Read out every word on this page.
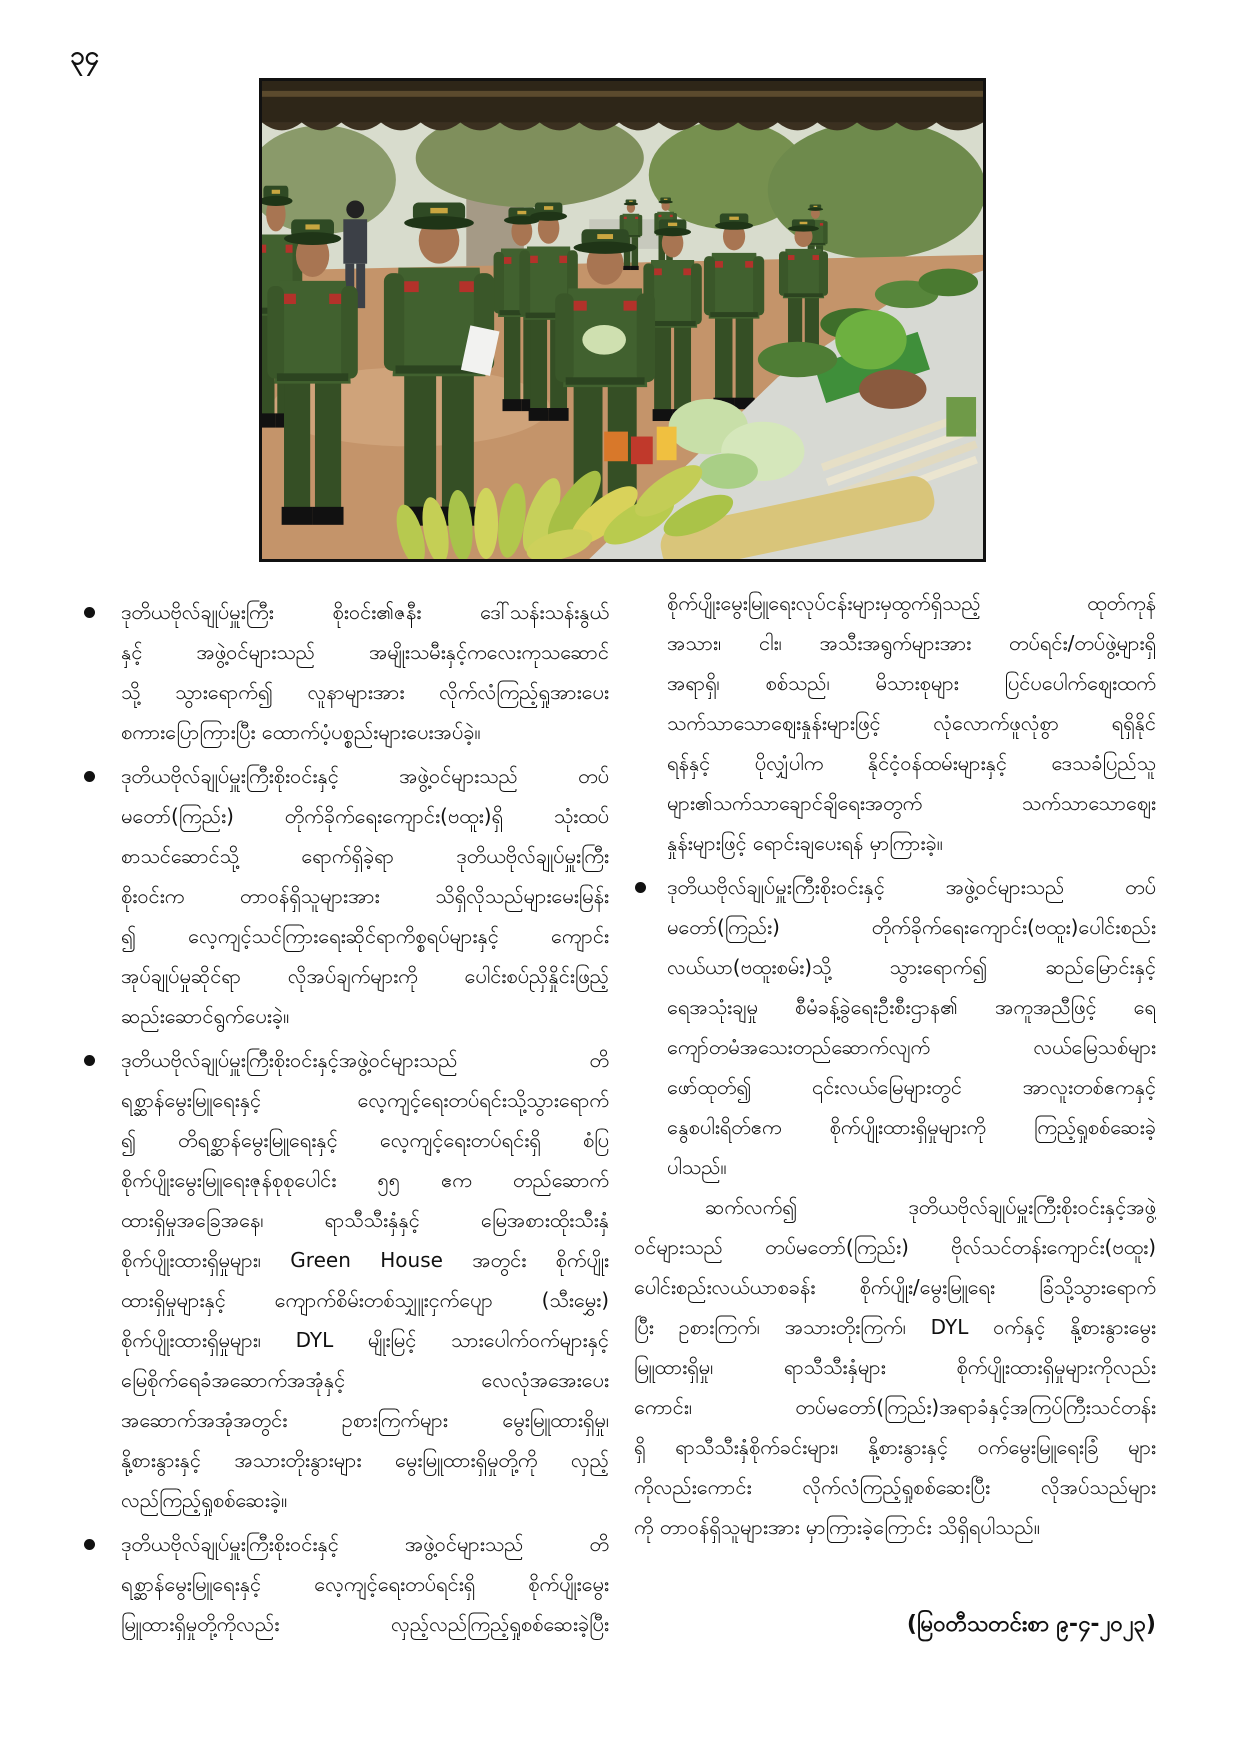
၃၄
ဒုတိယဗိုလ်ချုပ်မှူးကြီး စိုးဝင်း၏ဇနီး ဒေါ်သန်းသန်းနွယ်
နှင့် အဖွဲ့ဝင်များသည် အမျိုးသမီးနှင့်ကလေးကုသဆောင်
သို့ သွားရောက်၍ လူနာများအား လိုက်လံကြည့်ရှုအားပေး
စကားပြောကြားပြီး ထောက်ပံ့ပစ္စည်းများပေးအပ်ခဲ့။
ဒုတိယဗိုလ်ချုပ်မှူးကြီးစိုးဝင်းနှင့် အဖွဲ့ဝင်များသည် တပ်
မတော်(ကြည်း) တိုက်ခိုက်ရေးကျောင်း(ဗထူး)ရှိ သုံးထပ်
စာသင်ဆောင်သို့ ရောက်ရှိခဲ့ရာ ဒုတိယဗိုလ်ချုပ်မှူးကြီး
စိုးဝင်းက တာဝန်ရှိသူများအား သိရှိလိုသည်များမေးမြန်း
၍ လေ့ကျင့်သင်ကြားရေးဆိုင်ရာကိစ္စရပ်များနှင့် ကျောင်း
အုပ်ချုပ်မှုဆိုင်ရာ လိုအပ်ချက်များကို ပေါင်းစပ်ညှိနှိုင်းဖြည့်
ဆည်းဆောင်ရွက်ပေးခဲ့။
ဒုတိယဗိုလ်ချုပ်မှူးကြီးစိုးဝင်းနှင့်အဖွဲ့ဝင်များသည် တိ
ရစ္ဆာန်မွေးမြူရေးနှင့် လေ့ကျင့်ရေးတပ်ရင်းသို့သွားရောက်
၍ တိရစ္ဆာန်မွေးမြူရေးနှင့် လေ့ကျင့်ရေးတပ်ရင်းရှိ စံပြ
စိုက်ပျိုးမွေးမြူရေးဇုန်စုစုပေါင်း ၅၅ ဧက တည်ဆောက်
ထားရှိမှုအခြေအနေ၊ ရာသီသီးနှံနှင့် မြေအစားထိုးသီးနှံ
စိုက်ပျိုးထားရှိမှုများ၊ Green House အတွင်း စိုက်ပျိုး
ထားရှိမှုများနှင့် ကျောက်စိမ်းတစ်သျှူးငှက်ပျော (သီးမွှေး)
စိုက်ပျိုးထားရှိမှုများ၊ DYL မျိုးမြင့် သားပေါက်ဝက်များနှင့်
မြေစိုက်ရေခံအဆောက်အအုံနှင့် လေလုံအအေးပေး
အဆောက်အအုံအတွင်း ဥစားကြက်များ မွေးမြူထားရှိမှု၊
နို့စားနွားနှင့် အသားတိုးနွားများ မွေးမြူထားရှိမှုတို့ကို လှည့်
လည်ကြည့်ရှုစစ်ဆေးခဲ့။
ဒုတိယဗိုလ်ချုပ်မှူးကြီးစိုးဝင်းနှင့် အဖွဲ့ဝင်များသည် တိ
ရစ္ဆာန်မွေးမြူရေးနှင့် လေ့ကျင့်ရေးတပ်ရင်းရှိ စိုက်ပျိုးမွေး
မြူထားရှိမှုတို့ကိုလည်း လှည့်လည်ကြည့်ရှုစစ်ဆေးခဲ့ပြီး
စိုက်ပျိုးမွေးမြူရေးလုပ်ငန်းများမှထွက်ရှိသည့် ထုတ်ကုန်
အသား၊ ငါး၊ အသီးအရွက်များအား တပ်ရင်း/တပ်ဖွဲ့များရှိ
အရာရှိ၊ စစ်သည်၊ မိသားစုများ ပြင်ပပေါက်ဈေးထက်
သက်သာသောဈေးနှုန်းများဖြင့် လုံလောက်ဖူလုံစွာ ရရှိနိုင်
ရန်နှင့် ပိုလျှံပါက နိုင်ငံ့ဝန်ထမ်းများနှင့် ဒေသခံပြည်သူ
များ၏သက်သာချောင်ချိရေးအတွက် သက်သာသောဈေး
နှုန်းများဖြင့် ရောင်းချပေးရန် မှာကြားခဲ့။
ဒုတိယဗိုလ်ချုပ်မှူးကြီးစိုးဝင်းနှင့် အဖွဲ့ဝင်များသည် တပ်
မတော်(ကြည်း) တိုက်ခိုက်ရေးကျောင်း(ဗထူး)ပေါင်းစည်း
လယ်ယာ(ဗထူးစမ်း)သို့ သွားရောက်၍ ဆည်မြောင်းနှင့်
ရေအသုံးချမှု စီမံခန့်ခွဲရေးဦးစီးဌာန၏ အကူအညီဖြင့် ရေ
ကျော်တမံအသေးတည်ဆောက်လျက် လယ်မြေသစ်များ
ဖော်ထုတ်၍ ၎င်းလယ်မြေများတွင် အာလူးတစ်ဧကနှင့်
နွေစပါးရိတ်ဧက စိုက်ပျိုးထားရှိမှုများကို ကြည့်ရှုစစ်ဆေးခဲ့
ပါသည်။
ဆက်လက်၍ ဒုတိယဗိုလ်ချုပ်မှူးကြီးစိုးဝင်းနှင့်အဖွဲ့
ဝင်များသည် တပ်မတော်(ကြည်း) ဗိုလ်သင်တန်းကျောင်း(ဗထူး)
ပေါင်းစည်းလယ်ယာစခန်း စိုက်ပျိုး/မွေးမြူရေး ခြံသို့သွားရောက်
ပြီး ဥစားကြက်၊ အသားတိုးကြက်၊ DYL ဝက်နှင့် နို့စားနွားမွေး
မြူထားရှိမှု၊ ရာသီသီးနှံများ စိုက်ပျိုးထားရှိမှုများကိုလည်း
ကောင်း၊ တပ်မတော်(ကြည်း)အရာခံနှင့်အကြပ်ကြီးသင်တန်း
ရှိ ရာသီသီးနှံစိုက်ခင်းများ၊ နို့စားနွားနှင့် ဝက်မွေးမြူရေးခြံ များ
ကိုလည်းကောင်း လိုက်လံကြည့်ရှုစစ်ဆေးပြီး လိုအပ်သည်များ
ကို တာဝန်ရှိသူများအား မှာကြားခဲ့ကြောင်း သိရှိရပါသည်။
(မြဝတီသတင်းစာ ၉-၄-၂၀၂၃)
